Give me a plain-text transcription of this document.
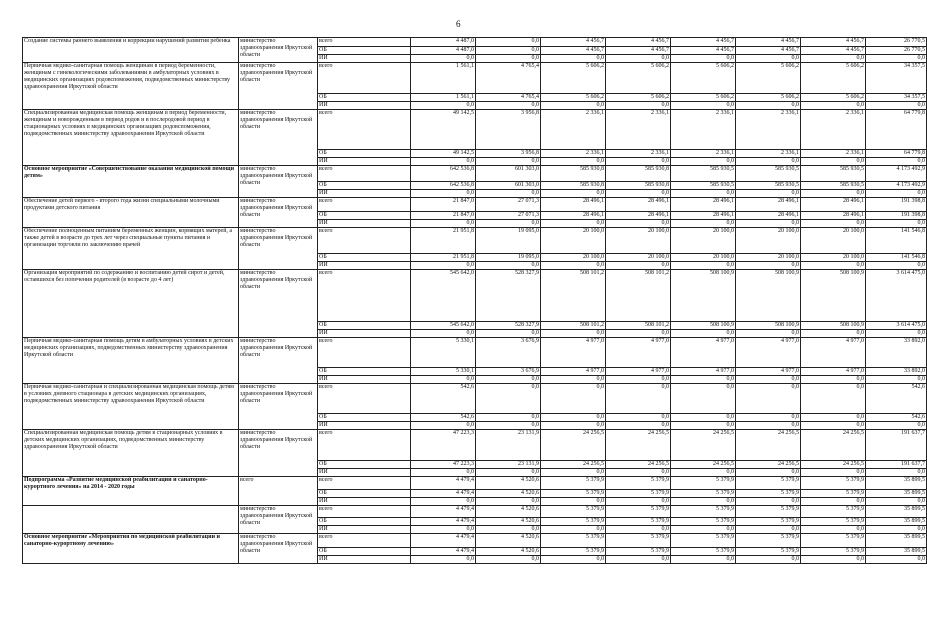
6
Создание системы раннего выявления и коррекции нарушений развития ребенка	министерство здравоохранения Иркутской области	всего	4 487,0	0,0	4 456,7	4 456,7	4 456,7	4 456,7	4 456,7	26 770,5
		ОБ	4 487,0	0,0	4 456,7	4 456,7	4 456,7	4 456,7	4 456,7	26 770,5
		ИИ	0,0	0,0	0,0	0,0	0,0	0,0	0,0	0,0
Первичная медико-санитарная помощь женщинам в период беременности, женщинам с гинекологическими заболеваниями в амбулаторных условиях в медицинских организациях родовспоможения, подведомственных министерству здравоохранения Иркутской области	министерство здравоохранения Иркутской области	всего	1 561,1	4 765,4	5 606,2	5 606,2	5 606,2	5 606,2	5 606,2	34 357,5
		ОБ	1 561,1	4 765,4	5 606,2	5 606,2	5 606,2	5 606,2	5 606,2	34 357,5
		ИИ	0,0	0,0	0,0	0,0	0,0	0,0	0,0	0,0
Специализированная медицинская помощь женщинам в период беременности, женщинам и новорожденным в период родов и в послеродовой период в стационарных условиях в медицинских организациях родовспоможения, подведомственных министерству здравоохранения Иркутской области	министерство здравоохранения Иркутской области	всего	49 142,5	3 956,8	2 336,1	2 336,1	2 336,1	2 336,1	2 336,1	64 779,8
		ОБ	49 142,5	3 956,8	2 336,1	2 336,1	2 336,1	2 336,1	2 336,1	64 779,8
		ИИ	0,0	0,0	0,0	0,0	0,0	0,0	0,0	0,0
Основное мероприятие «Совершенствование оказания медицинской помощи детям»	министерство здравоохранения Иркутской области	всего	642 536,8	601 303,0	585 930,8	585 930,8	585 930,5	585 930,5	585 930,5	4 173 492,9
		ОБ	642 536,8	601 303,0	585 930,8	585 930,8	585 930,5	585 930,5	585 930,5	4 173 492,9
		ИИ	0,0	0,0	0,0	0,0	0,0	0,0	0,0	0,0
Обеспечение детей первого - второго года жизни специальными молочными продуктами детского питания	министерство здравоохранения Иркутской области	всего	21 847,0	27 071,3	28 496,1	28 496,1	28 496,1	28 496,1	28 496,1	191 398,8
		ОБ	21 847,0	27 071,3	28 496,1	28 496,1	28 496,1	28 496,1	28 496,1	191 398,8
		ИИ	0,0	0,0	0,0	0,0	0,0	0,0	0,0	0,0
Обеспечение полноценным питанием беременных женщин, кормящих матерей, а также детей в возрасте до трех лет через специальные пункты питания и организации торговли по заключению врачей	министерство здравоохранения Иркутской области	всего	21 951,8	19 095,0	20 100,0	20 100,0	20 100,0	20 100,0	20 100,0	141 546,8
		ОБ	21 951,8	19 095,0	20 100,0	20 100,0	20 100,0	20 100,0	20 100,0	141 546,8
		ИИ	0,0	0,0	0,0	0,0	0,0	0,0	0,0	0,0
Организация мероприятий по содержанию и воспитанию детей сирот и детей, оставшихся без попечения родителей (в возрасте до 4 лет)	министерство здравоохранения Иркутской области	всего	545 642,0	528 327,9	508 101,2	508 101,2	508 100,9	508 100,9	508 100,9	3 614 475,0
		ОБ	545 642,0	528 327,9	508 101,2	508 101,2	508 100,9	508 100,9	508 100,9	3 614 475,0
		ИИ	0,0	0,0	0,0	0,0	0,0	0,0	0,0	0,0
Первичная медико-санитарная помощь детям в амбулаторных условиях в детских медицинских организациях, подведомственных министерству здравоохранения Иркутской области	министерство здравоохранения Иркутской области	всего	5 330,1	3 676,9	4 977,0	4 977,0	4 977,0	4 977,0	4 977,0	33 892,0
		ОБ	5 330,1	3 676,9	4 977,0	4 977,0	4 977,0	4 977,0	4 977,0	33 892,0
		ИИ	0,0	0,0	0,0	0,0	0,0	0,0	0,0	0,0
Первичная медико-санитарная и специализированная медицинская помощь детям в условиях дневного стационара в детских медицинских организациях, подведомственных министерству здравоохранения Иркутской области	министерство здравоохранения Иркутской области	всего	542,6	0,0	0,0	0,0	0,0	0,0	0,0	542,6
		ОБ	542,6	0,0	0,0	0,0	0,0	0,0	0,0	542,6
		ИИ	0,0	0,0	0,0	0,0	0,0	0,0	0,0	0,0
Специализированная медицинская помощь детям в стационарных условиях в детских медицинских организациях, подведомственных министерству здравоохранения Иркутской области	министерство здравоохранения Иркутской области	всего	47 223,3	23 131,9	24 256,5	24 256,5	24 256,5	24 256,5	24 256,5	191 637,7
		ОБ	47 223,3	23 131,9	24 256,5	24 256,5	24 256,5	24 256,5	24 256,5	191 637,7
		ИИ	0,0	0,0	0,0	0,0	0,0	0,0	0,0	0,0
Подпрограмма «Развитие медицинской реабилитации и санаторно-курортного лечения» на 2014 - 2020 годы	всего	всего	4 479,4	4 520,6	5 379,9	5 379,9	5 379,9	5 379,9	5 379,9	35 899,5
		ОБ	4 479,4	4 520,6	5 379,9	5 379,9	5 379,9	5 379,9	5 379,9	35 899,5
		ИИ	0,0	0,0	0,0	0,0	0,0	0,0	0,0	0,0
	министерство здравоохранения Иркутской области	всего	4 479,4	4 520,6	5 379,9	5 379,9	5 379,9	5 379,9	5 379,9	35 899,5
		ОБ	4 479,4	4 520,6	5 379,9	5 379,9	5 379,9	5 379,9	5 379,9	35 899,5
		ИИ	0,0	0,0	0,0	0,0	0,0	0,0	0,0	0,0
Основное мероприятие «Мероприятия по медицинской реабилитации и санаторно-курортному лечению»	министерство здравоохранения Иркутской области	всего	4 479,4	4 520,6	5 379,9	5 379,9	5 379,9	5 379,9	5 379,9	35 899,5
		ОБ	4 479,4	4 520,6	5 379,9	5 379,9	5 379,9	5 379,9	5 379,9	35 899,5
		ИИ	0,0	0,0	0,0	0,0	0,0	0,0	0,0	0,0
